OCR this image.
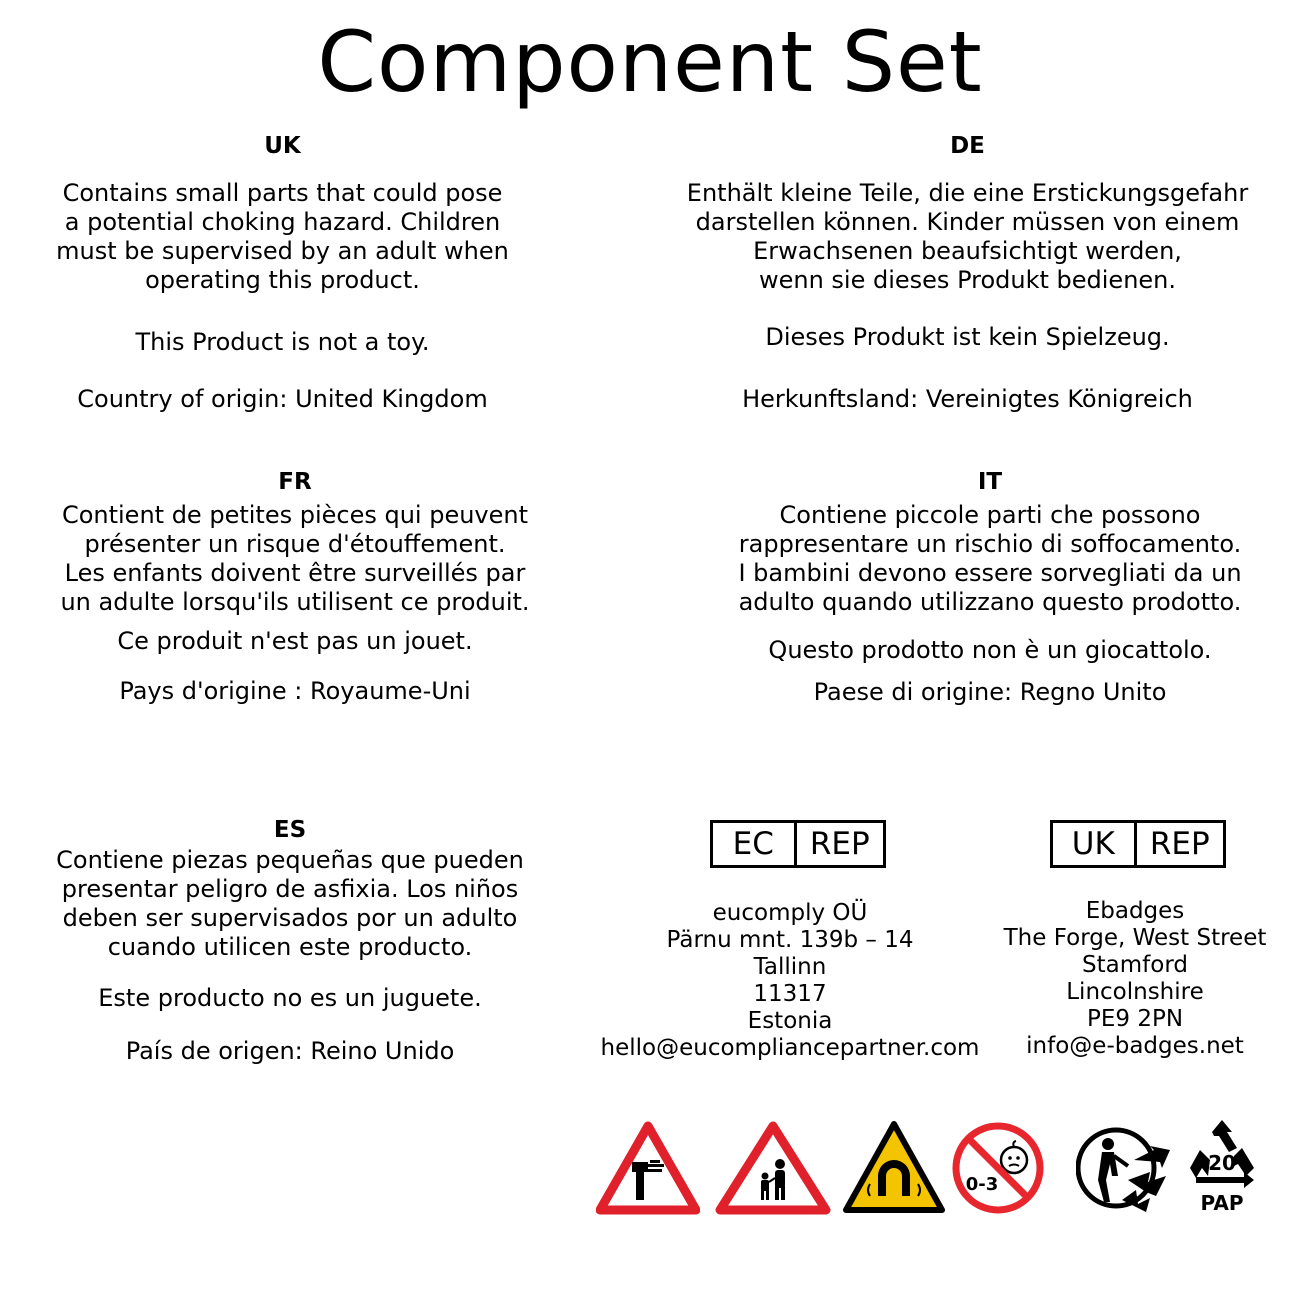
Component Set
UK

Contains small parts that could pose

a potential choking hazard. Children

must be supervised by an adult when

operating this product.

This Product is not a toy.

Country of origin: United Kingdom

DE

Enthält kleine Teile, die eine Erstickungsgefahr

darstellen können. Kinder müssen von einem

Erwachsenen beaufsichtigt werden,

wenn sie dieses Produkt bedienen.

Dieses Produkt ist kein Spielzeug.

Herkunftsland: Vereinigtes Königreich

FR

Contient de petites pièces qui peuvent

présenter un risque d'étouffement.

Les enfants doivent être surveillés par

un adulte lorsqu'ils utilisent ce produit.

Ce produit n'est pas un jouet.

Pays d'origine : Royaume-Uni

IT

Contiene piccole parti che possono

rappresentare un rischio di soffocamento.

I bambini devono essere sorvegliati da un

adulto quando utilizzano questo prodotto.

Questo prodotto non è un giocattolo.

Paese di origine: Regno Unito

ES

Contiene piezas pequeñas que pueden

presentar peligro de asfixia. Los niños

deben ser supervisados por un adulto

cuando utilicen este producto.

Este producto no es un juguete.

País de origen: Reino Unido

EC	REP	UK	REP
eucomply OÜ
Pärnu mnt. 139b – 14
Tallinn
11317
Estonia
hello@eucompliancepartner.com
Ebadges
The Forge, West Street
Stamford
Lincolnshire
PE9 2PN
info@e-badges.net
0-3
20
PAP
